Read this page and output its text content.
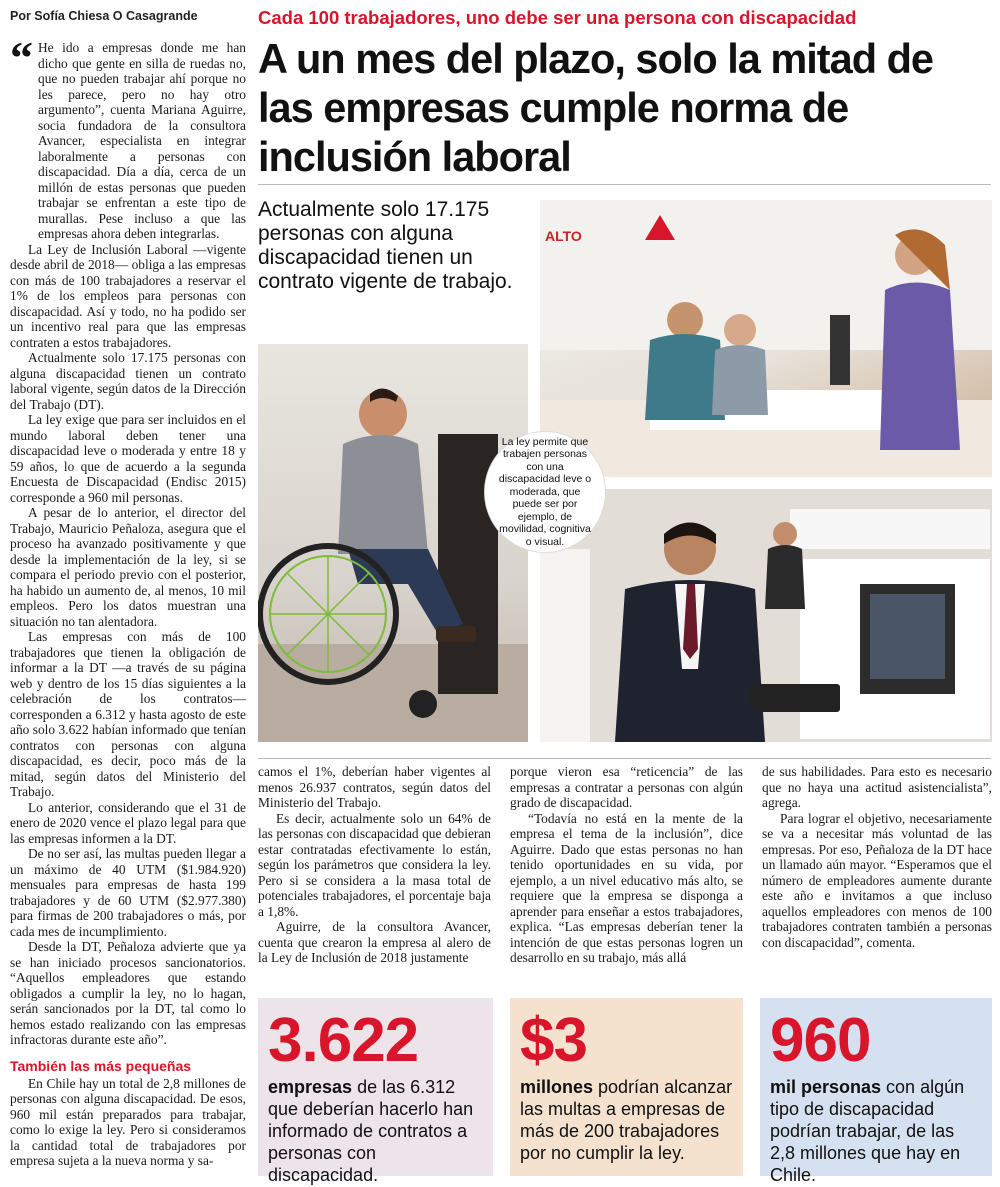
Por Sofía Chiesa O Casagrande	Cada 100 trabajadores, uno debe ser una persona con discapacidad
A un mes del plazo, solo la mitad de las empresas cumple norma de inclusión laboral
“ He ido a empresas donde me han dicho que gente en silla de ruedas no, que no pueden trabajar ahí porque no les parece, pero no hay otro argumento”, cuenta Mariana Aguirre, socia fundadora de la consultora Avancer, especialista en integrar laboralmente a personas con discapacidad. Día a día, cerca de un millón de estas personas que pueden trabajar se enfrentan a este tipo de murallas. Pese incluso a que las empresas ahora deben integrarlas.

La Ley de Inclusión Laboral —vigente desde abril de 2018— obliga a las empresas con más de 100 trabajadores a reservar el 1% de los empleos para personas con discapacidad. Así y todo, no ha podido ser un incentivo real para que las empresas contraten a estos trabajadores.

Actualmente solo 17.175 personas con alguna discapacidad tienen un contrato laboral vigente, según datos de la Dirección del Trabajo (DT).

La ley exige que para ser incluidos en el mundo laboral deben tener una discapacidad leve o moderada y entre 18 y 59 años, lo que de acuerdo a la segunda Encuesta de Discapacidad (Endisc 2015) corresponde a 960 mil personas.

A pesar de lo anterior, el director del Trabajo, Mauricio Peñaloza, asegura que el proceso ha avanzado positivamente y que desde la implementación de la ley, si se compara el periodo previo con el posterior, ha habido un aumento de, al menos, 10 mil empleos. Pero los datos muestran una situación no tan alentadora.

Las empresas con más de 100 trabajadores que tienen la obligación de informar a la DT —a través de su página web y dentro de los 15 días siguientes a la celebración de los contratos— corresponden a 6.312 y hasta agosto de este año solo 3.622 habían informado que tenían contratos con personas con alguna discapacidad, es decir, poco más de la mitad, según datos del Ministerio del Trabajo.

Lo anterior, considerando que el 31 de enero de 2020 vence el plazo legal para que las empresas informen a la DT.

De no ser así, las multas pueden llegar a un máximo de 40 UTM ($1.984.920) mensuales para empresas de hasta 199 trabajadores y de 60 UTM ($2.977.380) para firmas de 200 trabajadores o más, por cada mes de incumplimiento.

Desde la DT, Peñaloza advierte que ya se han iniciado procesos sancionatorios. “Aquellos empleadores que estando obligados a cumplir la ley, no lo hagan, serán sancionados por la DT, tal como lo hemos estado realizando con las empresas infractoras durante este año”.

También las más pequeñas

En Chile hay un total de 2,8 millones de personas con alguna discapacidad. De esos, 960 mil están preparados para trabajar, como lo exige la ley. Pero si consideramos la cantidad total de trabajadores por empresa sujeta a la nueva norma y sa-

Actualmente solo 17.175 personas con alguna discapacidad tienen un contrato vigente de trabajo.

ALTO
La ley permite que trabajen personas con una discapacidad leve o moderada, que puede ser por ejemplo, de movilidad, cognitiva o visual.

camos el 1%, deberían haber vigentes al menos 26.937 contratos, según datos del Ministerio del Trabajo.

Es decir, actualmente solo un 64% de las personas con discapacidad que debieran estar contratadas efectivamente lo están, según los parámetros que considera la ley. Pero si se considera a la masa total de potenciales trabajadores, el porcentaje baja a 1,8%.

Aguirre, de la consultora Avancer, cuenta que crearon la empresa al alero de la Ley de Inclusión de 2018 justamente

porque vieron esa “reticencia” de las empresas a contratar a personas con algún grado de discapacidad.

“Todavía no está en la mente de la empresa el tema de la inclusión”, dice Aguirre. Dado que estas personas no han tenido oportunidades en su vida, por ejemplo, a un nivel educativo más alto, se requiere que la empresa se disponga a aprender para enseñar a estos trabajadores, explica. “Las empresas deberían tener la intención de que estas personas logren un desarrollo en su trabajo, más allá

de sus habilidades. Para esto es necesario que no haya una actitud asistencialista”, agrega.

Para lograr el objetivo, necesariamente se va a necesitar más voluntad de las empresas. Por eso, Peñaloza de la DT hace un llamado aún mayor. “Esperamos que el número de empleadores aumente durante este año e invitamos a que incluso aquellos empleadores con menos de 100 trabajadores contraten también a personas con discapacidad”, comenta.

3.622

empresas de las 6.312 que deberían hacerlo han informado de contratos a personas con discapacidad.

$3

millones podrían alcanzar las multas a empresas de más de 200 trabajadores por no cumplir la ley.

960

mil personas con algún tipo de discapacidad podrían trabajar, de las 2,8 millones que hay en Chile.
